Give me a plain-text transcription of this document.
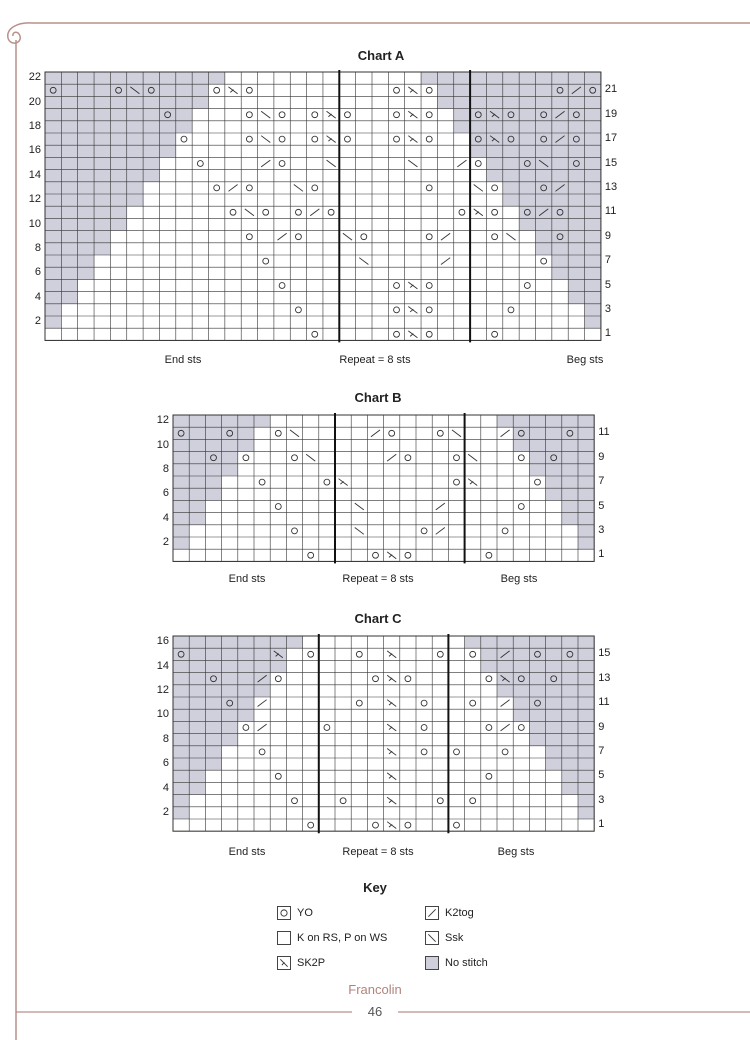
Chart A
End sts	Repeat = 8 sts	Beg sts
22
20
18
16
14
12
10
8
6
4
2
21
19
17
15
13
11
9
7
5
3
1
Chart B
End sts	Repeat = 8 sts	Beg sts
12
10
8
6
4
2
11
9
7
5
3
1
Chart C
End sts	Repeat = 8 sts	Beg sts
16
14
12
10
8
6
4
2
15
13
11
9
7
5
3
1
Key
YO	K2tog
K on RS, P on WS	Ssk
SK2P	No stitch
Francolin
46
